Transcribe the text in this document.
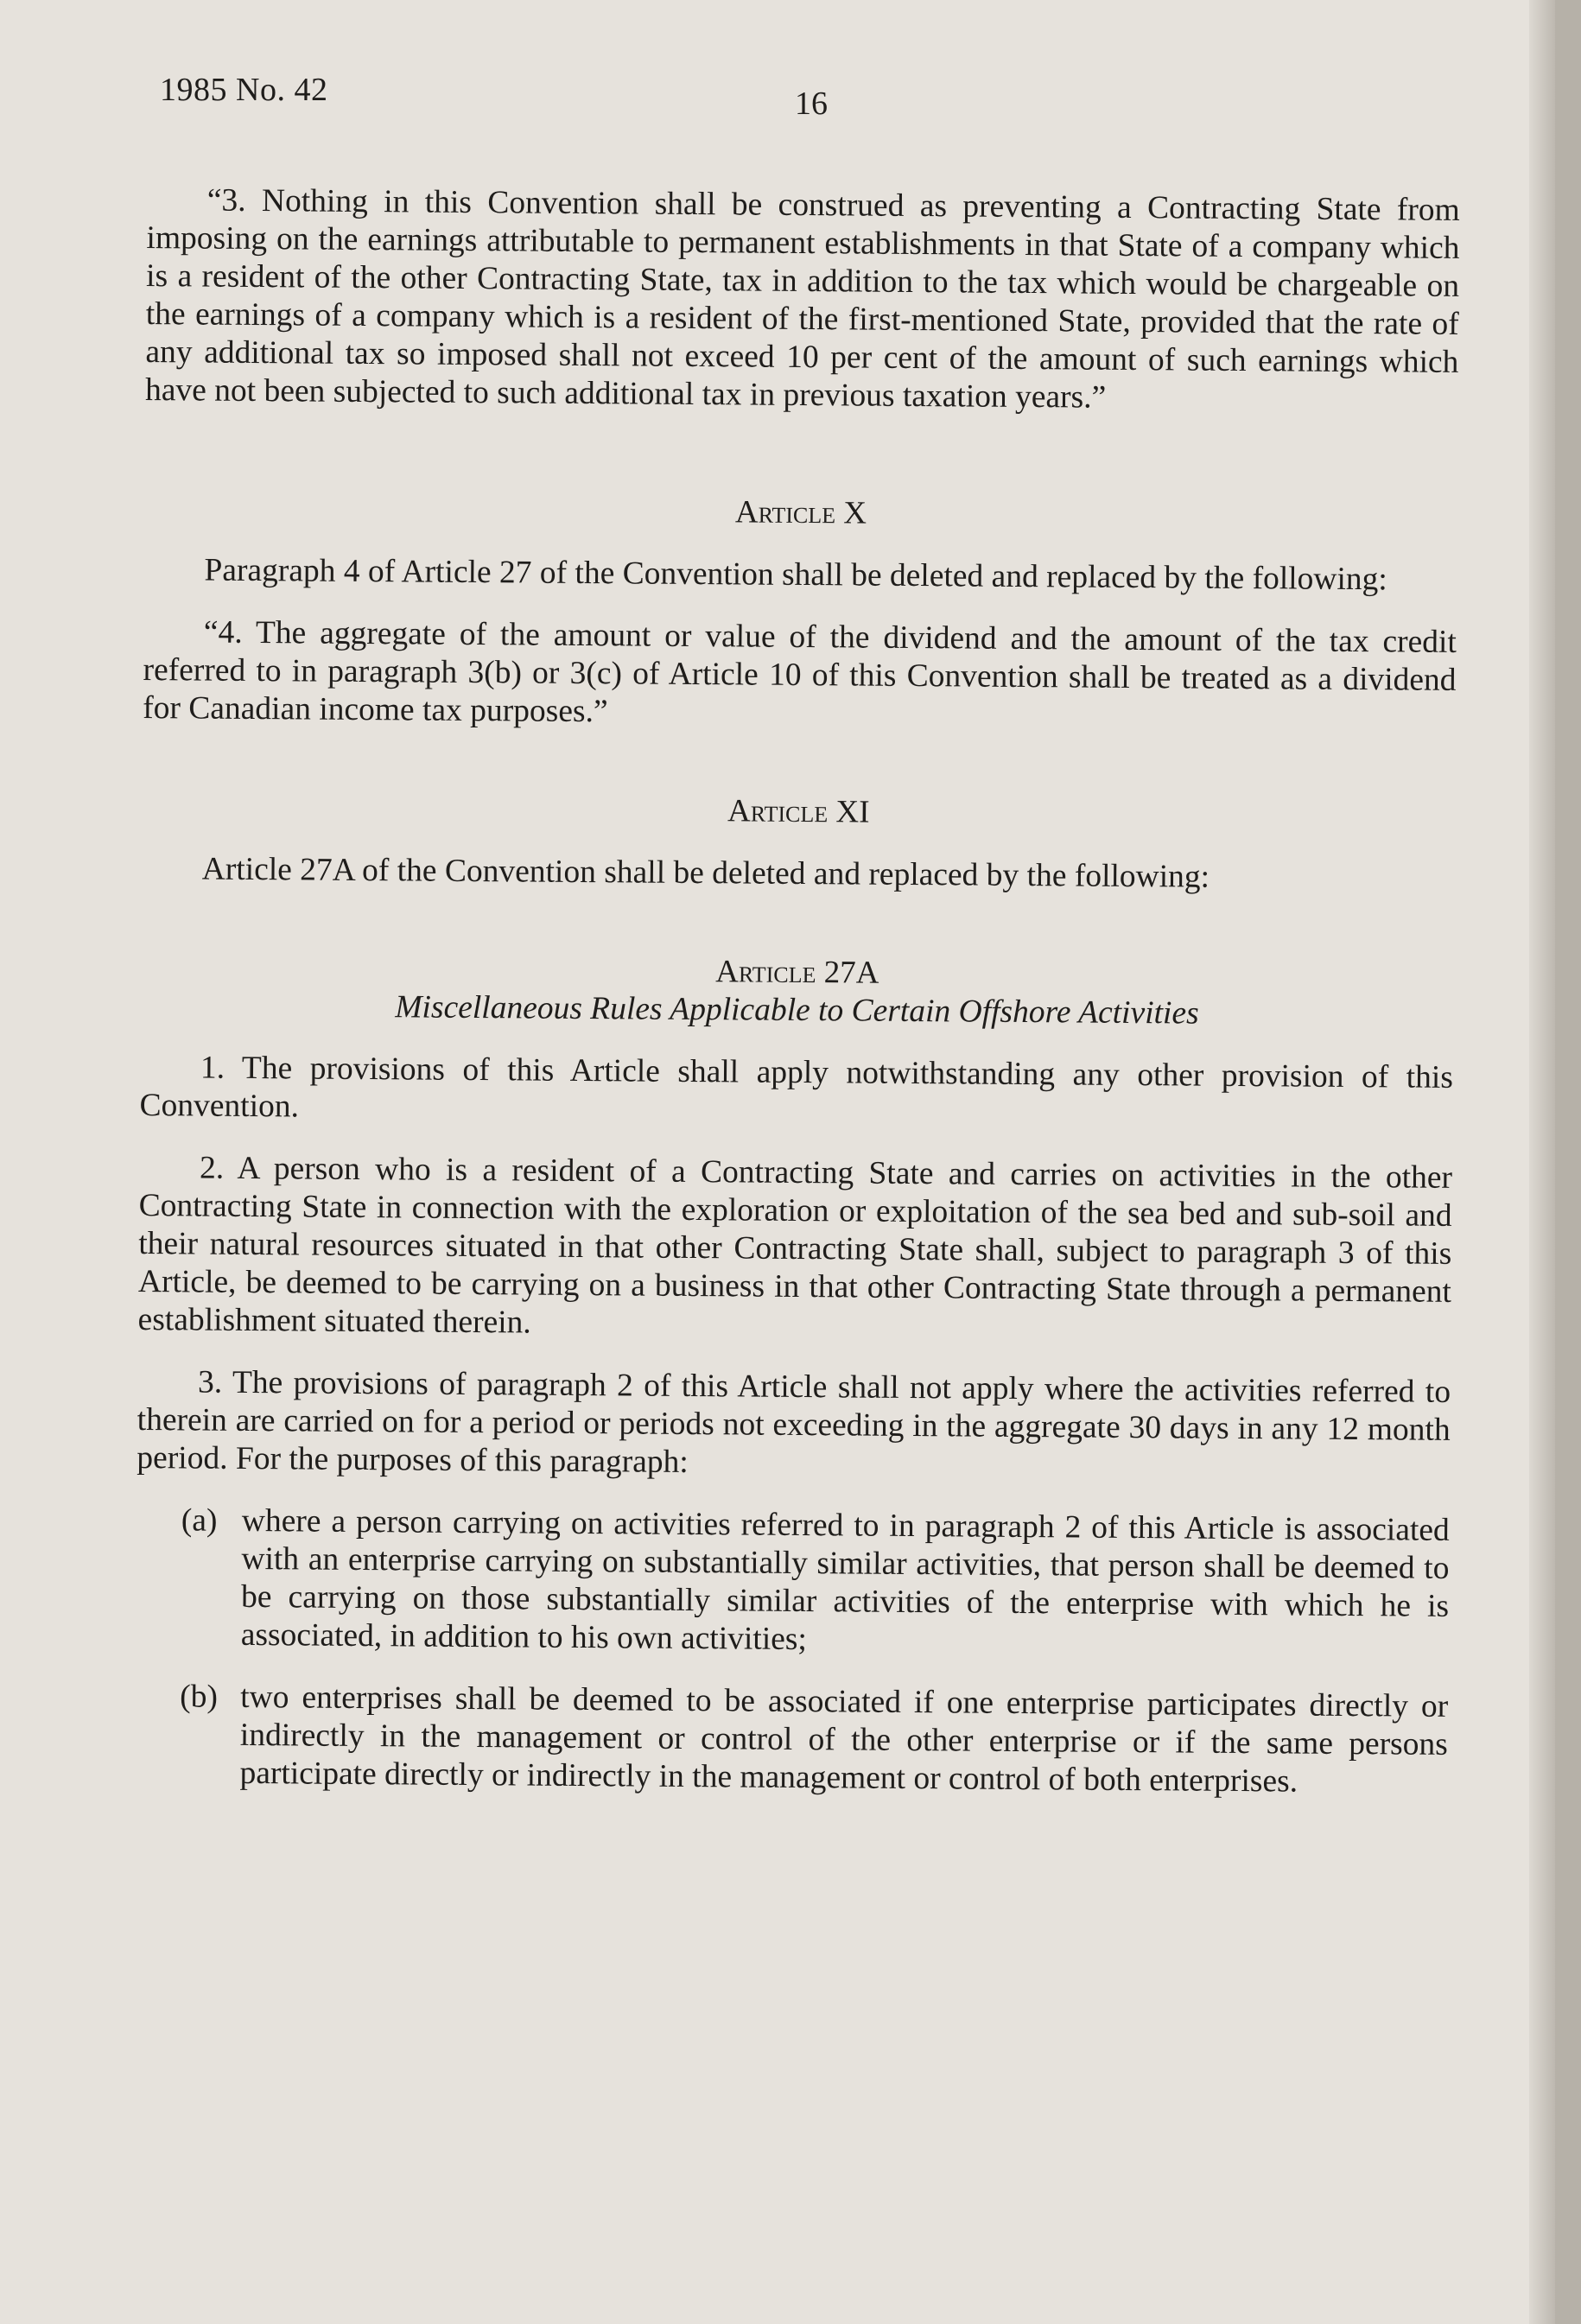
1985 No. 42	16

“3. Nothing in this Convention shall be construed as preventing a Contracting State from imposing on the earnings attributable to permanent establishments in that State of a company which is a resident of the other Contracting State, tax in addition to the tax which would be chargeable on the earnings of a company which is a resident of the first-mentioned State, provided that the rate of any additional tax so imposed shall not exceed 10 per cent of the amount of such earnings which have not been subjected to such additional tax in previous taxation years.”

Article X

Paragraph 4 of Article 27 of the Convention shall be deleted and replaced by the following:

“4. The aggregate of the amount or value of the dividend and the amount of the tax credit referred to in paragraph 3(b) or 3(c) of Article 10 of this Convention shall be treated as a dividend for Canadian income tax purposes.”

Article XI

Article 27A of the Convention shall be deleted and replaced by the following:

Article 27A

Miscellaneous Rules Applicable to Certain Offshore Activities

1. The provisions of this Article shall apply notwithstanding any other provision of this Convention.

2. A person who is a resident of a Contracting State and carries on activities in the other Contracting State in connection with the exploration or exploitation of the sea bed and sub-soil and their natural resources situated in that other Contracting State shall, subject to paragraph 3 of this Article, be deemed to be carrying on a business in that other Contracting State through a permanent establishment situated therein.

3. The provisions of paragraph 2 of this Article shall not apply where the activities referred to therein are carried on for a period or periods not exceeding in the aggregate 30 days in any 12 month period. For the purposes of this paragraph:

(a) where a person carrying on activities referred to in paragraph 2 of this Article is associated with an enterprise carrying on substantially similar activities, that person shall be deemed to be carrying on those substantially similar activities of the enterprise with which he is associated, in addition to his own activities;
(b) two enterprises shall be deemed to be associated if one enterprise participates directly or indirectly in the management or control of the other enterprise or if the same persons participate directly or indirectly in the management or control of both enterprises.
